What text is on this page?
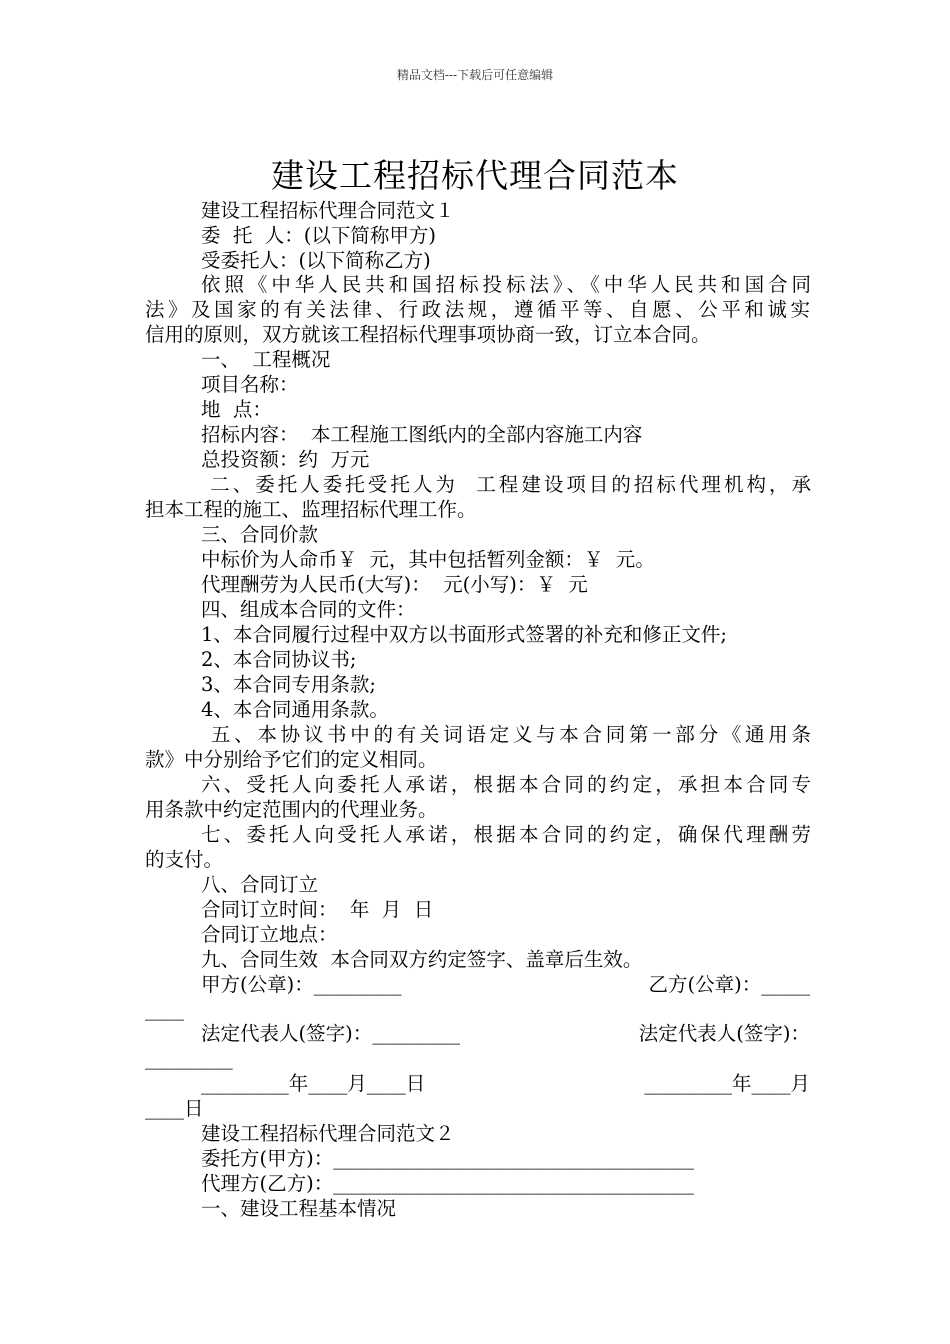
精品文档---下载后可任意编辑
建设工程招标代理合同范本
建设工程招标代理合同范文１
委  托  人：(以下简称甲方)
受委托人：(以下简称乙方)
依照《中华人民共和国招标投标法》、《中华人民共和国合同
法》及国家的有关法律、行政法规，遵循平等、自愿、公平和诚实
信用的原则，双方就该工程招标代理事项协商一致，订立本合同。
一、  工程概况
项目名称：
地  点：
招标内容：  本工程施工图纸内的全部内容施工内容
总投资额：约  万元
二、委托人委托受托人为  工程建设项目的招标代理机构，承
担本工程的施工、监理招标代理工作。
三、合同价款
中标价为人命币￥  元，其中包括暂列金额：￥  元。
代理酬劳为人民币(大写)：  元(小写)：￥  元
四、组成本合同的文件：
1、本合同履行过程中双方以书面形式签署的补充和修正文件;
2、本合同协议书;
3、本合同专用条款;
4、本合同通用条款。
五、本协议书中的有关词语定义与本合同第一部分《通用条
款》中分别给予它们的定义相同。
六、受托人向委托人承诺，根据本合同的约定，承担本合同专
用条款中约定范围内的代理业务。
七、委托人向受托人承诺，根据本合同的约定，确保代理酬劳
的支付。
八、合同订立
合同订立时间：  年  月  日
合同订立地点：
九、合同生效  本合同双方约定签字、盖章后生效。
甲方(公章)：_________	乙方(公章)：_____
____
法定代表人(签字)：_________	法定代表人(签字)：
_________
_________年____月____日	_________年____月
____日
建设工程招标代理合同范文２
委托方(甲方)：_____________________________________
代理方(乙方)：_____________________________________
一、建设工程基本情况
